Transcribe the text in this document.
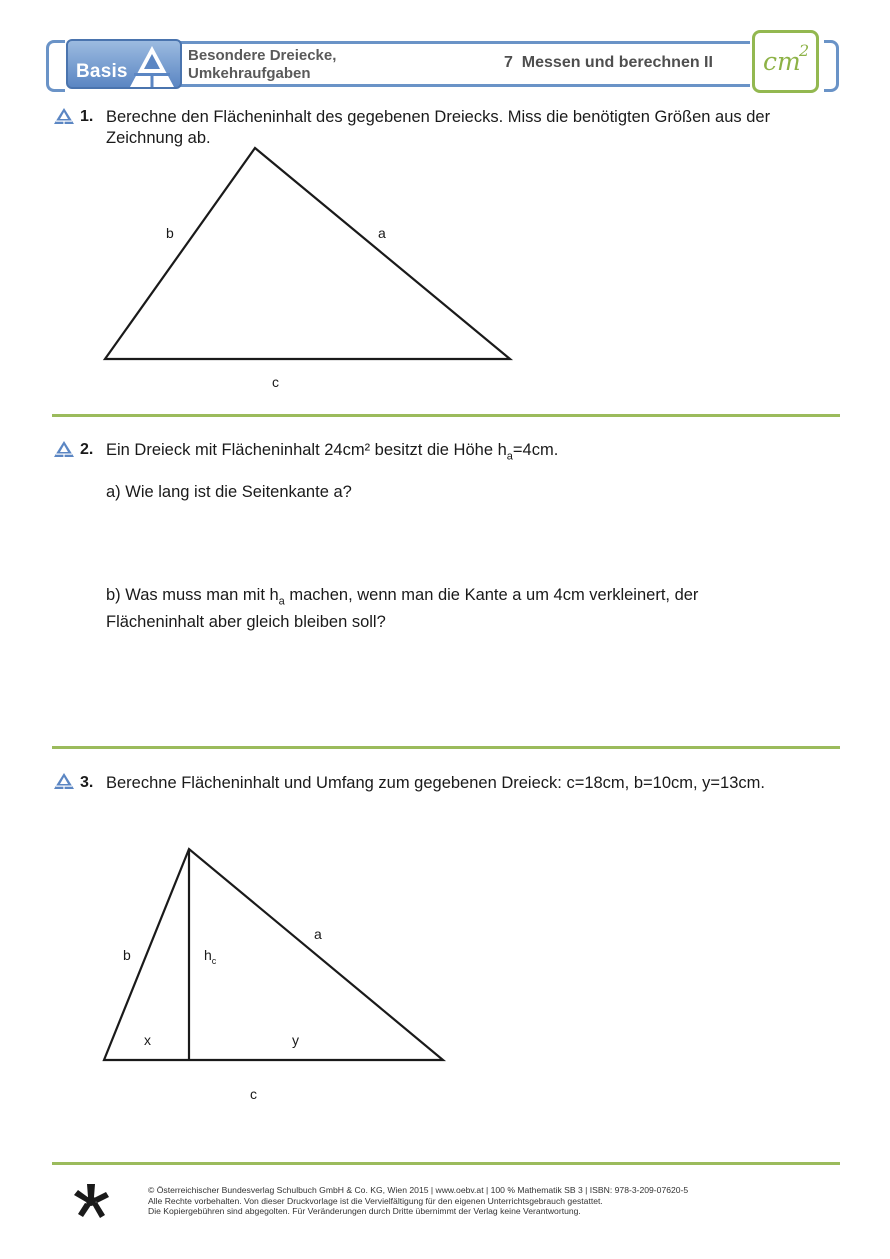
Basis
Besondere Dreiecke,
Umkehraufgaben
7  Messen und berechnen II cm
2
1. Berechne den Flächeninhalt des gegebenen Dreiecks. Miss die benötigten Größen aus der
Zeichnung ab.
b	a
c
2. Ein Dreieck mit Flächeninhalt 24cm² besitzt die Höhe $h_a=4cm$.
a) Wie lang ist die Seitenkante a?
b) Was muss man mit $h_a$ machen, wenn man die Kante a um 4cm verkleinert, der
Flächeninhalt aber gleich bleiben soll?
3. Berechne Flächeninhalt und Umfang zum gegebenen Dreieck: c=18cm, b=10cm, y=13cm.
b	$h_c$
a
x	y
c
© Österreichischer Bundesverlag Schulbuch GmbH & Co. KG, Wien 2015 | www.oebv.at | 100 % Mathematik SB 3 | ISBN: 978-3-209-07620-5
Alle Rechte vorbehalten. Von dieser Druckvorlage ist die Vervielfältigung für den eigenen Unterrichtsgebrauch gestattet.
Die Kopiergebühren sind abgegolten. Für Veränderungen durch Dritte übernimmt der Verlag keine Verantwortung.
